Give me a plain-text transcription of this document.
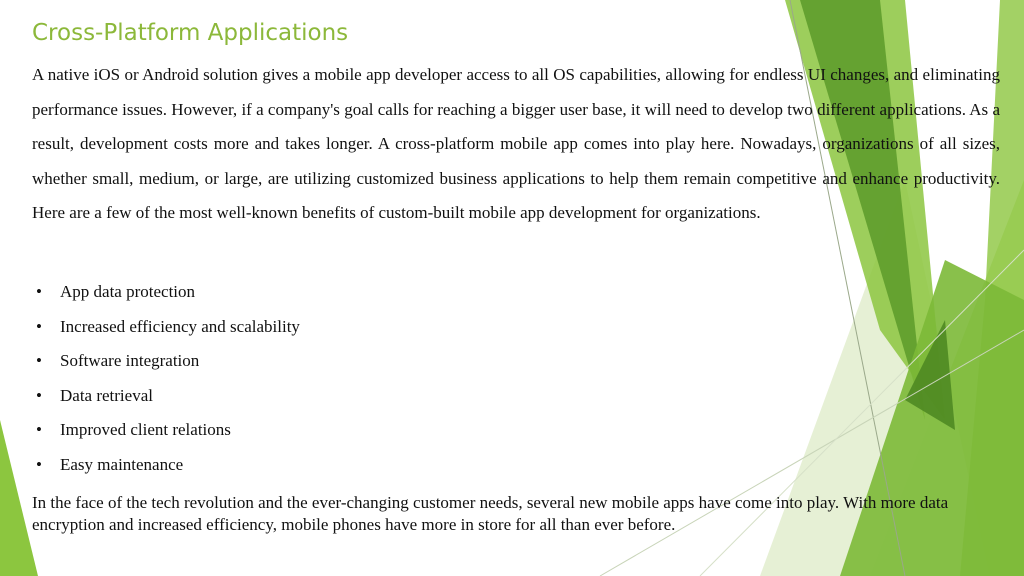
Cross-Platform Applications

A native iOS or Android solution gives a mobile app developer access to all OS capabilities, allowing for endless UI changes, and eliminating performance issues. However, if a company's goal calls for reaching a bigger user base, it will need to develop two different applications. As a result, development costs more and takes longer. A cross-platform mobile app comes into play here. Nowadays, organizations of all sizes, whether small, medium, or large, are utilizing customized business applications to help them remain competitive and enhance productivity. Here are a few of the most well-known benefits of custom-built mobile app development for organizations.

• App data protection
• Increased efficiency and scalability
• Software integration
• Data retrieval
• Improved client relations
• Easy maintenance

In the face of the tech revolution and the ever-changing customer needs, several new mobile apps have come into play. With more data encryption and increased efficiency, mobile phones have more in store for all than ever before.
